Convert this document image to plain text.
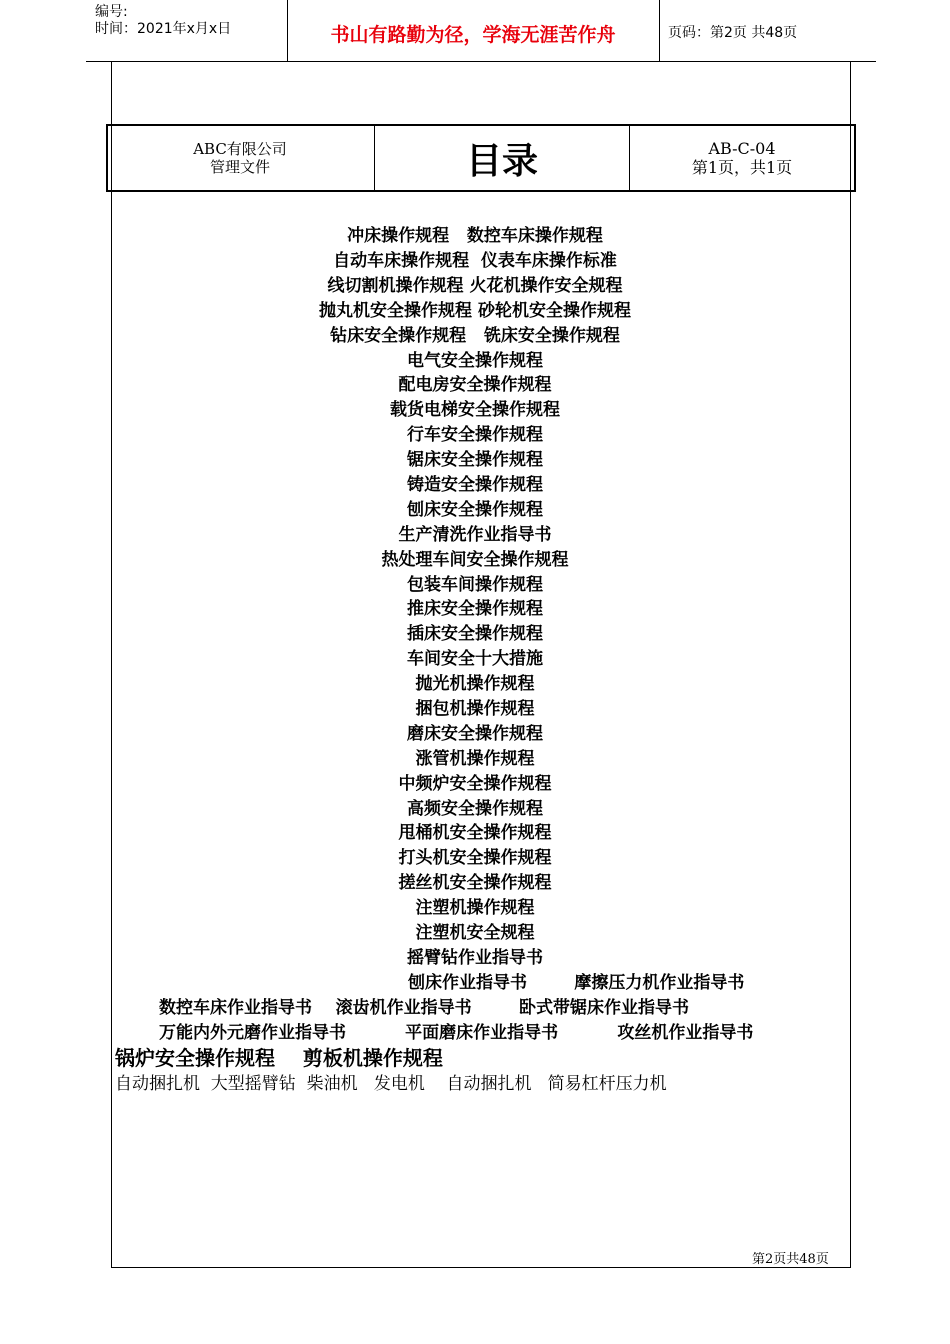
编号:
时间：2021年x月x日	书山有路勤为径，学海无涯苦作舟	页码：第2页 共48页
ABC有限公司
管理文件	目录	AB-C-04
第1页，共1页
冲床操作规程   数控车床操作规程
自动车床操作规程  仪表车床操作标准
线切割机操作规程 火花机操作安全规程
抛丸机安全操作规程 砂轮机安全操作规程
钻床安全操作规程   铣床安全操作规程
电气安全操作规程
配电房安全操作规程
载货电梯安全操作规程
行车安全操作规程
锯床安全操作规程
铸造安全操作规程
刨床安全操作规程
生产清洗作业指导书
热处理车间安全操作规程
包装车间操作规程
推床安全操作规程
插床安全操作规程
车间安全十大措施
抛光机操作规程
捆包机操作规程
磨床安全操作规程
涨管机操作规程
中频炉安全操作规程
高频安全操作规程
甩桶机安全操作规程
打头机安全操作规程
搓丝机安全操作规程
注塑机操作规程
注塑机安全规程
摇臂钻作业指导书
刨床作业指导书        摩擦压力机作业指导书
数控车床作业指导书    滚齿机作业指导书        卧式带锯床作业指导书
万能内外元磨作业指导书          平面磨床作业指导书          攻丝机作业指导书
锅炉安全操作规程    剪板机操作规程
自动捆扎机  大型摇臂钻  柴油机   发电机    自动捆扎机   简易杠杆压力机
第2页共48页
